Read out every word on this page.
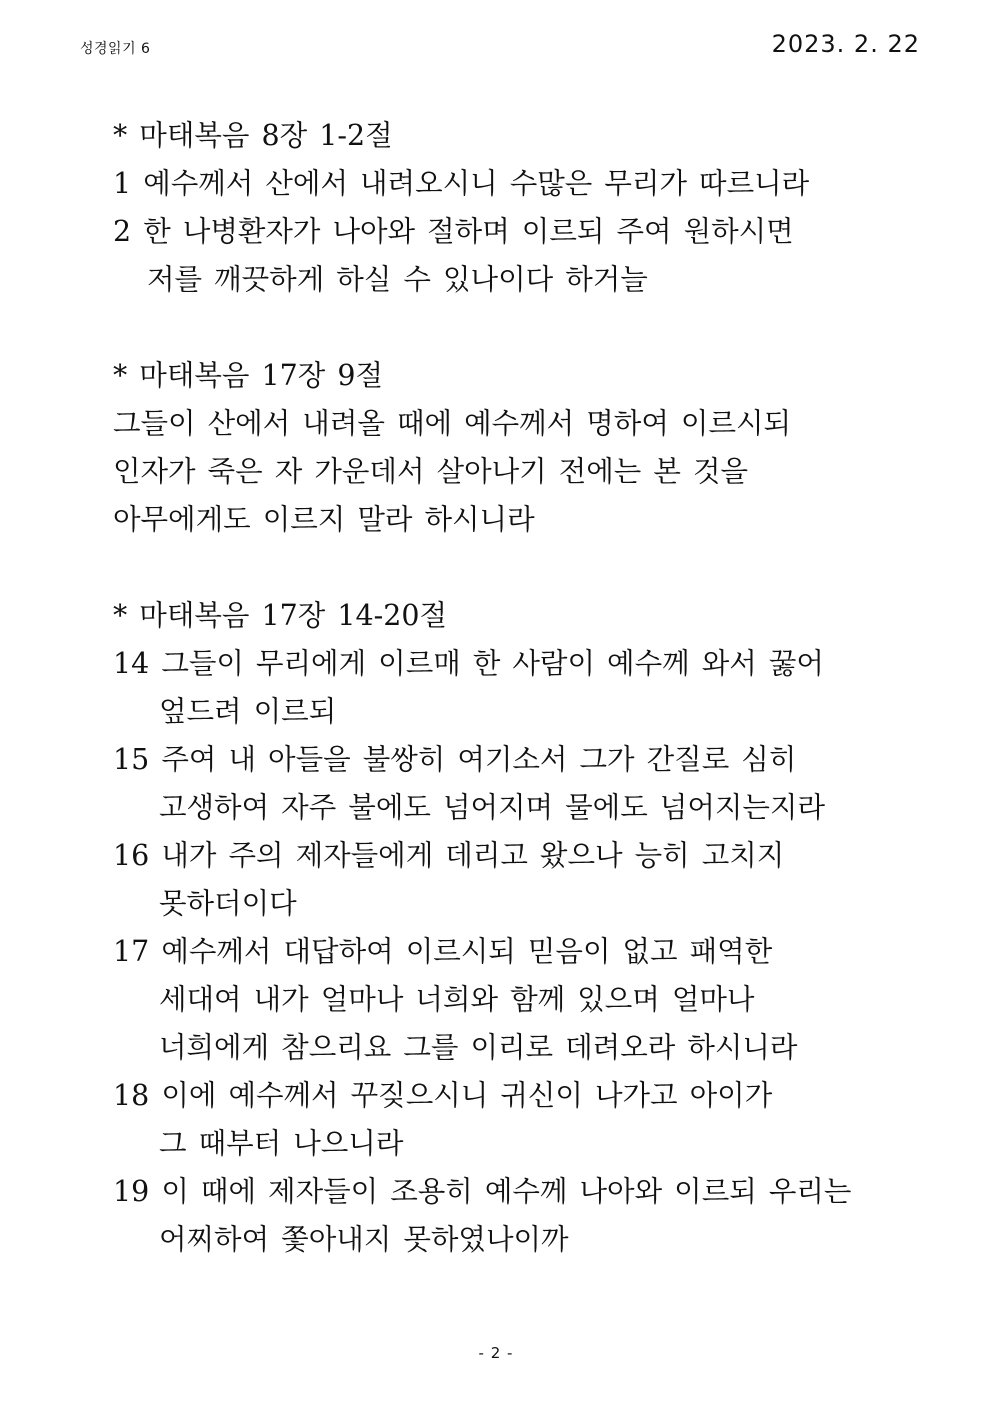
성경읽기 6	2023. 2. 22
* 마태복음 8장 1-2절
1 예수께서 산에서 내려오시니 수많은 무리가 따르니라
2 한 나병환자가 나아와 절하며 이르되 주여 원하시면
저를 깨끗하게 하실 수 있나이다 하거늘
* 마태복음 17장 9절
그들이 산에서 내려올 때에 예수께서 명하여 이르시되
인자가 죽은 자 가운데서 살아나기 전에는 본 것을
아무에게도 이르지 말라 하시니라
* 마태복음 17장 14-20절
14 그들이 무리에게 이르매 한 사람이 예수께 와서 꿇어
엎드려 이르되
15 주여 내 아들을 불쌍히 여기소서 그가 간질로 심히
고생하여 자주 불에도 넘어지며 물에도 넘어지는지라
16 내가 주의 제자들에게 데리고 왔으나 능히 고치지
못하더이다
17 예수께서 대답하여 이르시되 믿음이 없고 패역한
세대여 내가 얼마나 너희와 함께 있으며 얼마나
너희에게 참으리요 그를 이리로 데려오라 하시니라
18 이에 예수께서 꾸짖으시니 귀신이 나가고 아이가
그 때부터 나으니라
19 이 때에 제자들이 조용히 예수께 나아와 이르되 우리는
어찌하여 쫓아내지 못하였나이까
- 2 -
